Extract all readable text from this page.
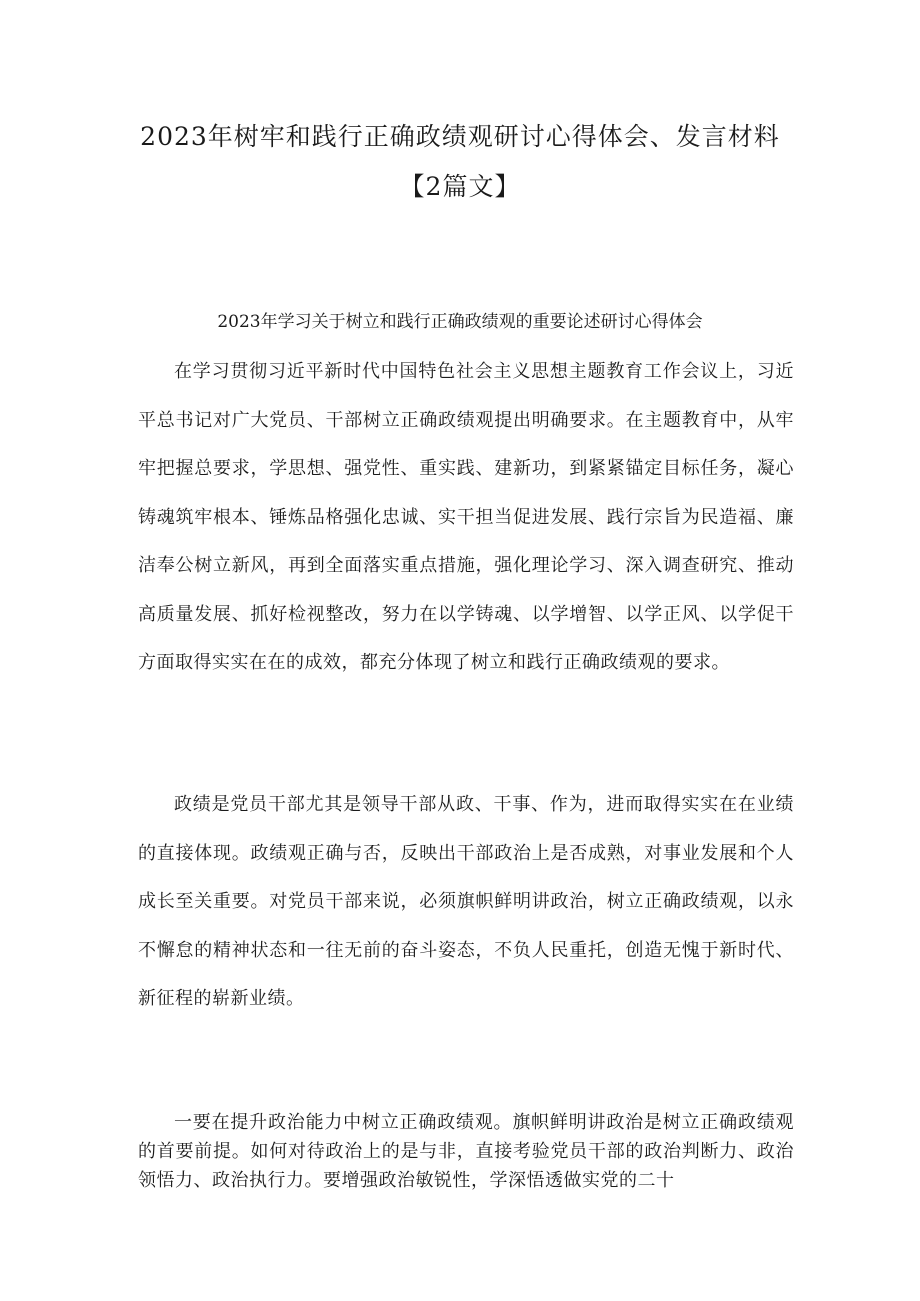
2023年树牢和践行正确政绩观研讨心得体会、发言材料【2篇文】
2023年学习关于树立和践行正确政绩观的重要论述研讨心得体会

在学习贯彻习近平新时代中国特色社会主义思想主题教育工作会议上，习近平总书记对广大党员、干部树立正确政绩观提出明确要求。在主题教育中，从牢牢把握总要求，学思想、强党性、重实践、建新功，到紧紧锚定目标任务，凝心铸魂筑牢根本、锤炼品格强化忠诚、实干担当促进发展、践行宗旨为民造福、廉洁奉公树立新风，再到全面落实重点措施，强化理论学习、深入调查研究、推动高质量发展、抓好检视整改，努力在以学铸魂、以学增智、以学正风、以学促干方面取得实实在在的成效，都充分体现了树立和践行正确政绩观的要求。

政绩是党员干部尤其是领导干部从政、干事、作为，进而取得实实在在业绩的直接体现。政绩观正确与否，反映出干部政治上是否成熟，对事业发展和个人成长至关重要。对党员干部来说，必须旗帜鲜明讲政治，树立正确政绩观，以永不懈怠的精神状态和一往无前的奋斗姿态，不负人民重托，创造无愧于新时代、新征程的崭新业绩。

一要在提升政治能力中树立正确政绩观。旗帜鲜明讲政治是树立正确政绩观的首要前提。如何对待政治上的是与非，直接考验党员干部的政治判断力、政治领悟力、政治执行力。要增强政治敏锐性，学深悟透做实党的二十
